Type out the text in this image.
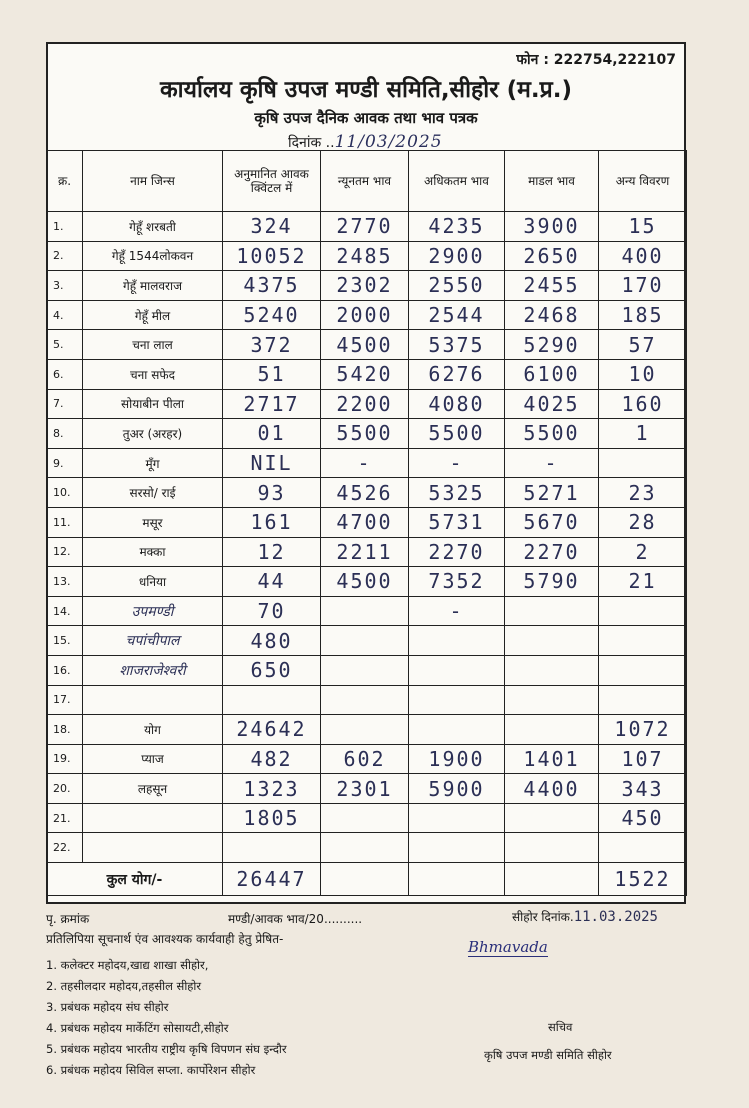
फोन : 222754,222107
कार्यालय कृषि उपज मण्डी समिति,सीहोर (म.प्र.)
कृषि उपज दैनिक आवक तथा भाव पत्रक
दिनांक ..11/03/2025
क्र.	नाम जिन्स	अनुमानित आवक क्विंटल में	न्यूनतम भाव	अधिकतम भाव	माडल भाव	अन्य विवरण
1.	गेहूँ शरबती	324	2770	4235	3900	15
2.	गेहूँ 1544लोकवन	10052	2485	2900	2650	400
3.	गेहूँ मालवराज	4375	2302	2550	2455	170
4.	गेहूँ मील	5240	2000	2544	2468	185
5.	चना लाल	372	4500	5375	5290	57
6.	चना सफेद	51	5420	6276	6100	10
7.	सोयाबीन पीला	2717	2200	4080	4025	160
8.	तुअर (अरहर)	01	5500	5500	5500	1
9.	मूँग	NIL	-	-	-	
10.	सरसो/ राई	93	4526	5325	5271	23
11.	मसूर	161	4700	5731	5670	28
12.	मक्का	12	2211	2270	2270	2
13.	धनिया	44	4500	7352	5790	21
14.	उपमण्डी	70		-		
15.	चपांचीपाल	480				
16.	शाजराजेश्वरी	650				
17.						
18.	योग	24642				1072
19.	प्याज	482	602	1900	1401	107
20.	लहसून	1323	2301	5900	4400	343
21.		1805				450
22.						
कुल योग/-		26447				1522
पृ. क्रमांक	मण्डी/आवक भाव/20..........	सीहोर दिनांक.11.03.2025
प्रतिलिपिया सूचनार्थ एंव आवश्यक कार्यवाही हेतु प्रेषित-	Bhmavada
1. कलेक्टर महोदय,खाद्य शाखा सीहोर,
2. तहसीलदार महोदय,तहसील सीहोर
3. प्रबंधक महोदय संघ सीहोर
4. प्रबंधक महोदय मार्केटिंग सोसायटी,सीहोर
5. प्रबंधक महोदय भारतीय राष्ट्रीय कृषि विपणन संघ इन्दौर
6. प्रबंधक महोदय सिविल सप्ला. कार्पोरेशन सीहोर
सचिव
कृषि उपज मण्डी समिति सीहोर
